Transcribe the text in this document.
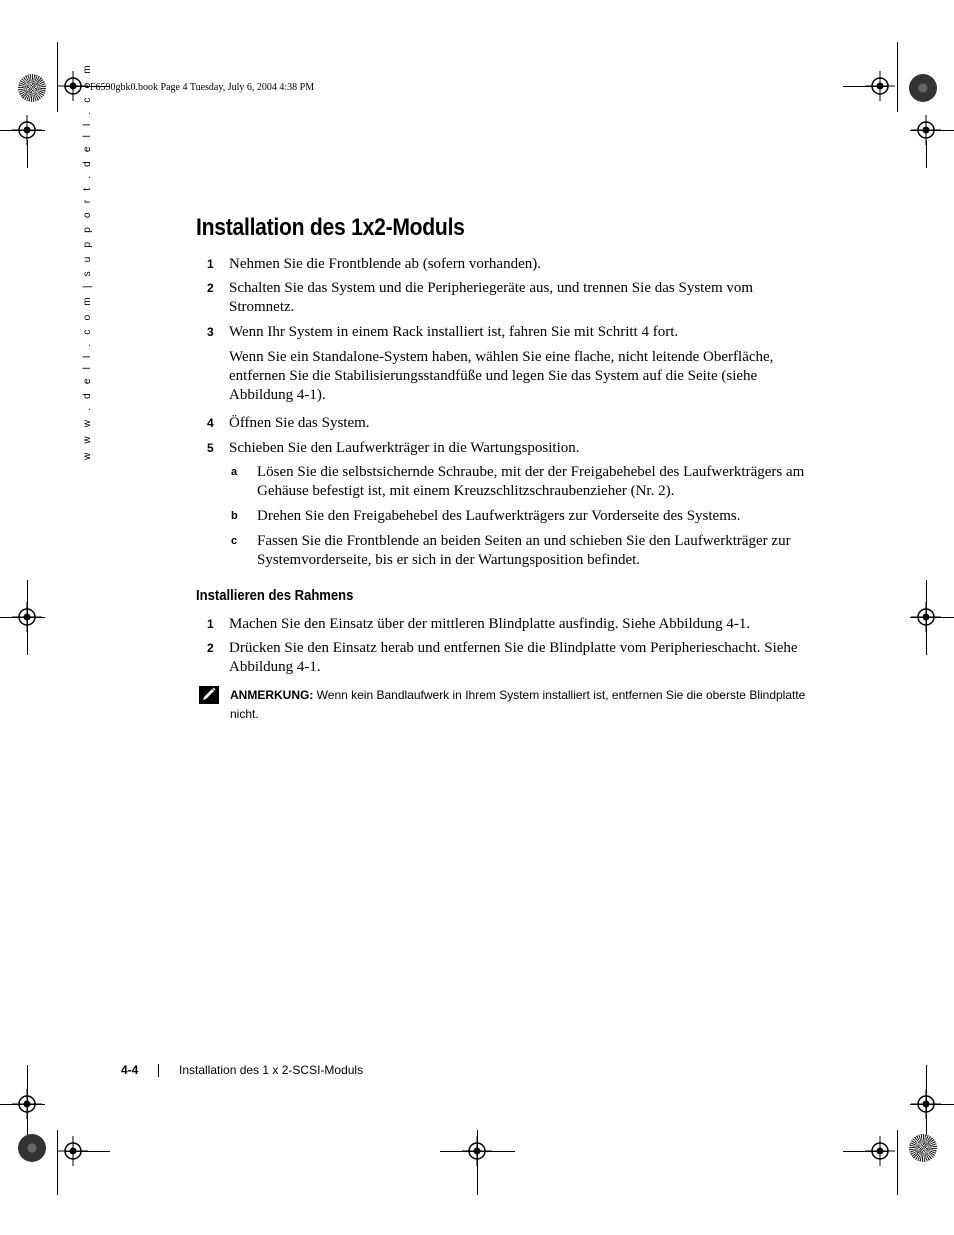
F6590gbk0.book Page 4 Tuesday, July 6, 2004 4:38 PM
w w w . d e l l . c o m | s u p p o r t . d e l l . c o m	Installation des 1x2-Moduls
1 Nehmen Sie die Frontblende ab (sofern vorhanden).
2 Schalten Sie das System und die Peripheriegeräte aus, und trennen Sie das System vom Stromnetz.
3 Wenn Ihr System in einem Rack installiert ist, fahren Sie mit Schritt 4 fort.
Wenn Sie ein Standalone-System haben, wählen Sie eine flache, nicht leitende Oberfläche, entfernen Sie die Stabilisierungsstandfüße und legen Sie das System auf die Seite (siehe Abbildung 4-1).
4 Öffnen Sie das System.
5 Schieben Sie den Laufwerkträger in die Wartungsposition.
a Lösen Sie die selbstsichernde Schraube, mit der der Freigabehebel des Laufwerkträgers am Gehäuse befestigt ist, mit einem Kreuzschlitzschraubenzieher (Nr. 2).
b Drehen Sie den Freigabehebel des Laufwerkträgers zur Vorderseite des Systems.
c Fassen Sie die Frontblende an beiden Seiten an und schieben Sie den Laufwerkträger zur Systemvorderseite, bis er sich in der Wartungsposition befindet.
Installieren des Rahmens
1 Machen Sie den Einsatz über der mittleren Blindplatte ausfindig. Siehe Abbildung 4-1.
2 Drücken Sie den Einsatz herab und entfernen Sie die Blindplatte vom Peripherieschacht. Siehe Abbildung 4-1.
ANMERKUNG: Wenn kein Bandlaufwerk in Ihrem System installiert ist, entfernen Sie die oberste Blindplatte nicht.
4-4	Installation des 1 x 2-SCSI-Moduls
